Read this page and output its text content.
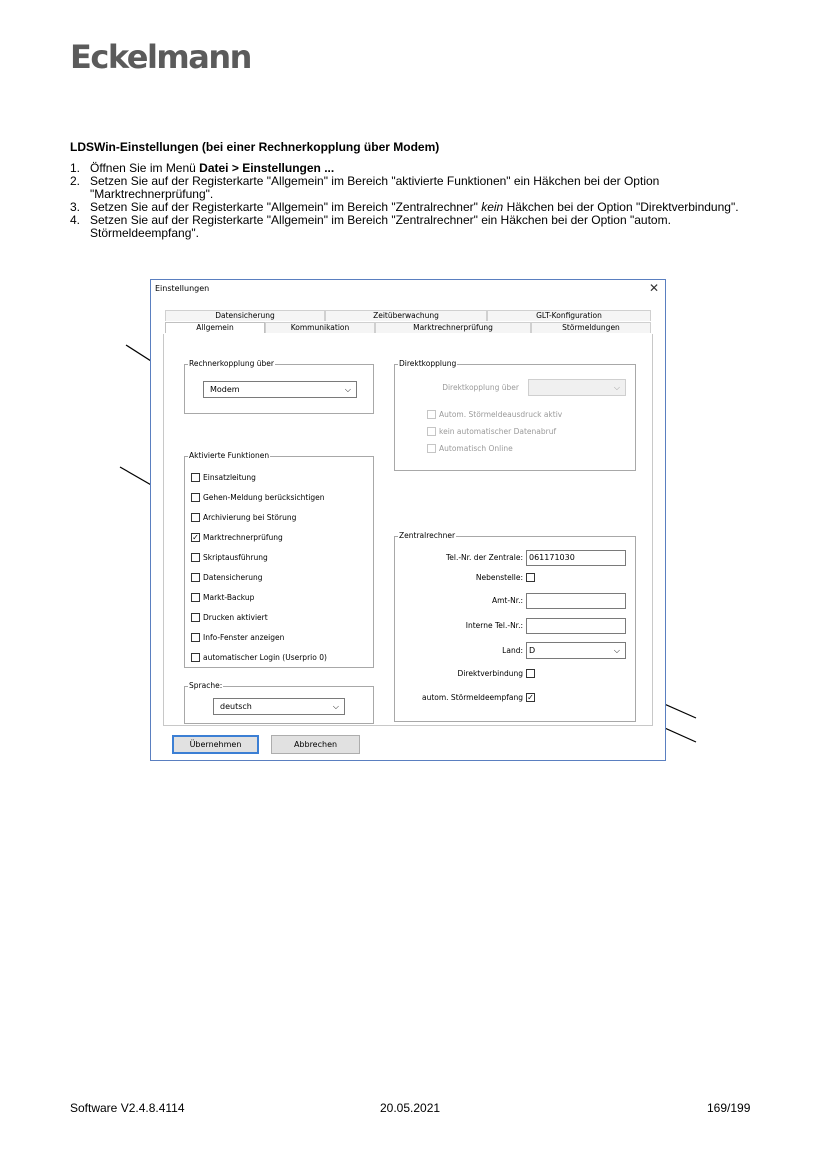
Eckelmann
LDSWin-Einstellungen (bei einer Rechnerkopplung über Modem)
1. Öffnen Sie im Menü Datei > Einstellungen ...
2. Setzen Sie auf der Registerkarte "Allgemein" im Bereich "aktivierte Funktionen" ein Häkchen bei der Option "Marktrechnerprüfung".
3. Setzen Sie auf der Registerkarte "Allgemein" im Bereich "Zentralrechner" kein Häkchen bei der Option "Direktverbindung".
4. Setzen Sie auf der Registerkarte "Allgemein" im Bereich "Zentralrechner" ein Häkchen bei der Option "autom. Störmeldeempfang".
Einstellungen	✕
Datensicherung	Zeitüberwachung	GLT-Konfiguration
Allgemein	Kommunikation	Marktrechnerprüfung	Störmeldungen
Rechnerkopplung über
Modem	⌵
Direktkopplung
Direktkopplung über	⌵
Autom. Störmeldeausdruck aktiv
kein automatischer Datenabruf
Automatisch Online
Aktivierte Funktionen
Einsatzleitung
Gehen-Meldung berücksichtigen
Archivierung bei Störung
✓ Marktrechnerprüfung
Skriptausführung
Datensicherung
Markt-Backup
Drucken aktiviert
Info-Fenster anzeigen
automatischer Login (Userprio 0)
Zentralrechner
Tel.-Nr. der Zentrale: 061171030
Nebenstelle:
Amt-Nr.:
Interne Tel.-Nr.:
Land: D	⌵
Direktverbindung
autom. Störmeldeempfang ✓
Sprache:
deutsch	⌵
Übernehmen	Abbrechen
Software V2.4.8.4114	20.05.2021	169/199
